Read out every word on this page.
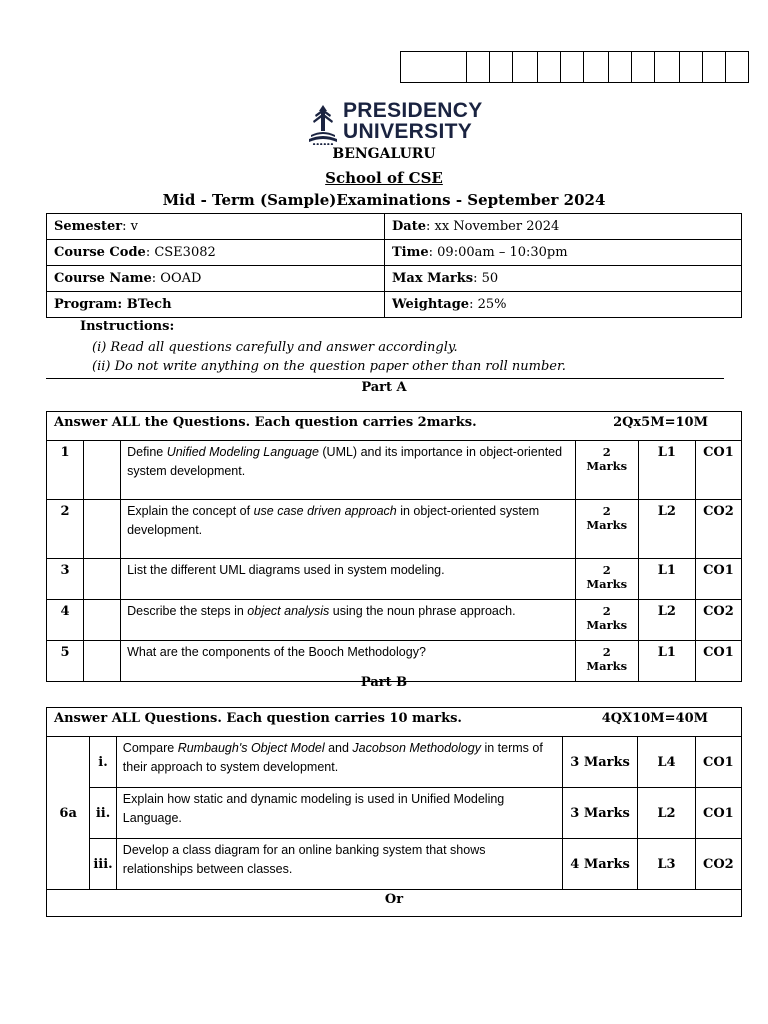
● ● ● ● ● ●
PRESIDENCY
UNIVERSITY
BENGALURU
School of CSE
Mid - Term (Sample)Examinations - September 2024
Semester: v	Date: xx November 2024
Course Code: CSE3082	Time: 09:00am – 10:30pm
Course Name: OOAD	Max Marks: 50
Program: BTech	Weightage: 25%
Instructions:
(i) Read all questions carefully and answer accordingly.
(ii) Do not write anything on the question paper other than roll number.
Part A
Answer ALL the Questions. Each question carries 2marks. 2Qx5M=10M					

1		Define Unified Modeling Language (UML) and its importance in object-oriented system development.	2 Marks	L1	CO1
2		Explain the concept of use case driven approach in object-oriented system development.	2 Marks	L2	CO2
3		List the different UML diagrams used in system modeling.	2 Marks	L1	CO1
4		Describe the steps in object analysis using the noun phrase approach.	2 Marks	L2	CO2
5		What are the components of the Booch Methodology?	2 Marks	L1	CO1
Part B
Answer ALL Questions. Each question carries 10 marks. 4QX10M=40M					

6a	i.	Compare Rumbaugh's Object Model and Jacobson Methodology in terms of their approach to system development.	3 Marks	L4	CO1
	ii.	Explain how static and dynamic modeling is used in Unified Modeling Language.	3 Marks	L2	CO1
	iii.	Develop a class diagram for an online banking system that shows relationships between classes.	4 Marks	L3	CO2
Or					
